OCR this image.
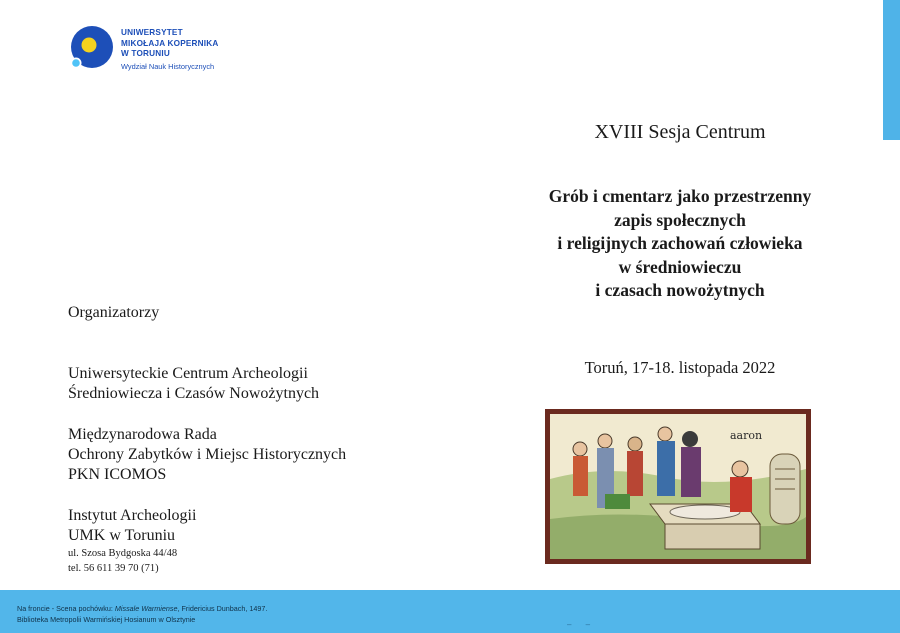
UNIWERSYTET
MIKOŁAJA KOPERNIKA
W TORUNIU
Wydział Nauk Historycznych
XVIII Sesja Centrum
Grób i cmentarz jako przestrzenny
zapis społecznych
i religijnych zachowań człowieka
w średniowieczu
i czasach nowożytnych
Toruń, 17-18. listopada 2022
Organizatorzy
Uniwersyteckie Centrum Archeologii
Średniowiecza i Czasów Nowożytnych
Międzynarodowa Rada
Ochrony Zabytków i Miejsc Historycznych
PKN ICOMOS
Instytut Archeologii
UMK w Toruniu
ul. Szosa Bydgoska 44/48
tel. 56 611 39 70 (71)
aaron
Na froncie - Scena pochówku: Missale Warmiense, Fridericius Dunbach, 1497.
Biblioteka Metropolii Warmińskiej Hosianum w Olsztynie
– –
